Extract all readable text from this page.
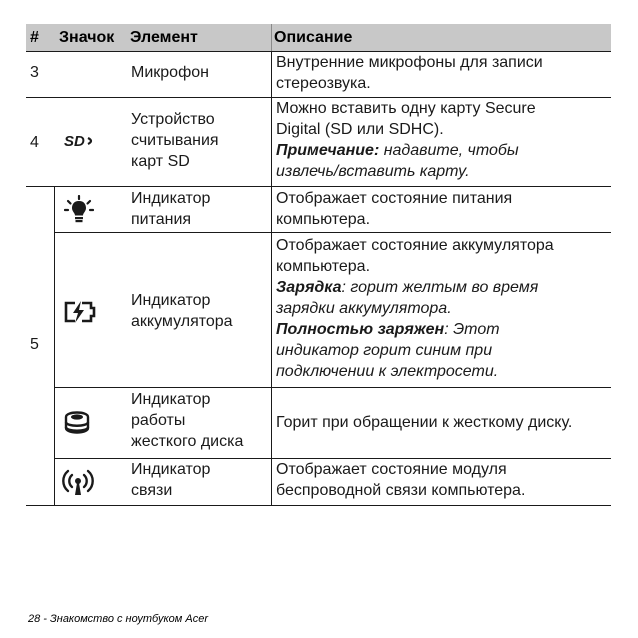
# Значок Элемент	Описание
3	Микрофон
Внутренние микрофоны для записи
стереозвука.
4 SD
Устройство
считывания
карт SD
Можно вставить одну карту Secure
Digital (SD или SDHC).
Примечание: надавите, чтобы
извлечь/вставить карту.
5
Индикатор
питания
Отображает состояние питания
компьютера.
Индикатор
аккумулятора
Отображает состояние аккумулятора
компьютера.
Зарядка: горит желтым во время
зарядки аккумулятора.
Полностью заряжен: Этот
индикатор горит синим при
подключении к электросети.
Индикатор
работы
жесткого диска
Горит при обращении к жесткому диску.
Индикатор
связи
Отображает состояние модуля
беспроводной связи компьютера.
28 - Знакомство с ноутбуком Acer
